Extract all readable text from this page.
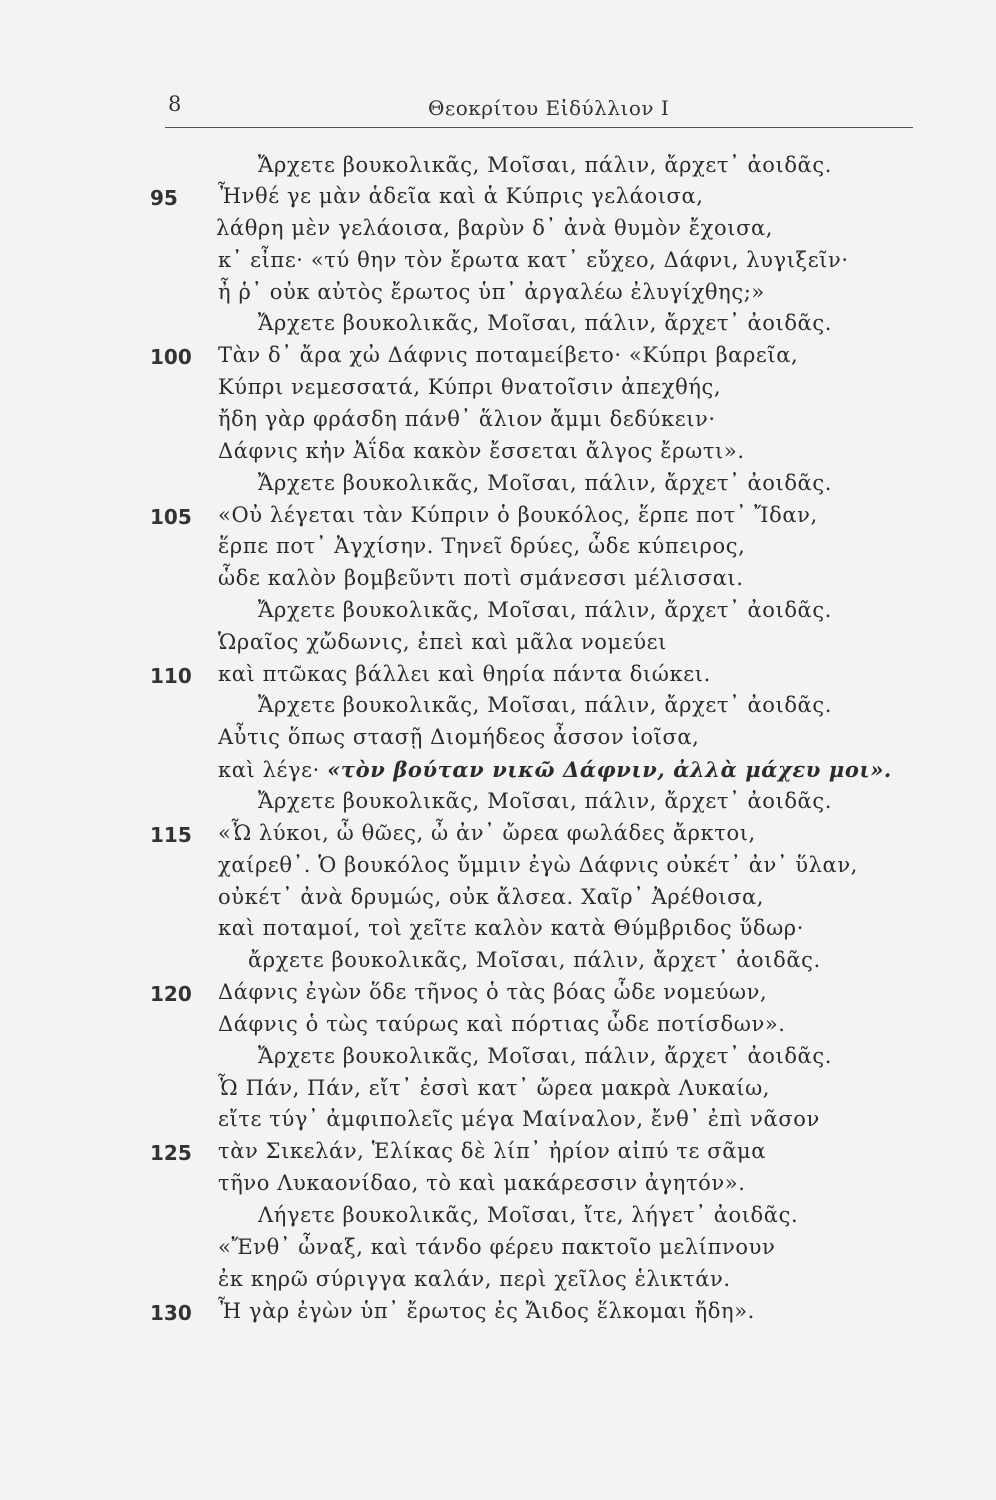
8	Θεοκρίτου Εἰδύλλιον Ι
Ἄρχετε βουκολικᾶς, Μοῖσαι, πάλιν, ἄρχετ᾿ ἀοιδᾶς.
95	Ἦνθέ γε μὰν ἁδεῖα καὶ ἁ Κύπρις γελάοισα,
λάθρη μὲν γελάοισα, βαρὺν δ᾿ ἀνὰ θυμὸν ἔχοισα,
κ᾿ εἶπε· «τύ θην τὸν ἔρωτα κατ᾿ εὔχεο, Δάφνι, λυγιξεῖν·
ἦ ῥ᾿ οὐκ αὐτὸς ἔρωτος ὑπ᾿ ἀργαλέω ἐλυγίχθης;»
Ἄρχετε βουκολικᾶς, Μοῖσαι, πάλιν, ἄρχετ᾿ ἀοιδᾶς.
100	Τὰν δ᾿ ἄρα χὠ Δάφνις ποταμείβετο· «Κύπρι βαρεῖα,
Κύπρι νεμεσσατά, Κύπρι θνατοῖσιν ἀπεχθής,
ἤδη γὰρ φράσδη πάνθ᾿ ἅλιον ἄμμι δεδύκειν·
Δάφνις κἠν Ἀΐδα κακὸν ἔσσεται ἄλγος ἔρωτι».
Ἄρχετε βουκολικᾶς, Μοῖσαι, πάλιν, ἄρχετ᾿ ἀοιδᾶς.
105	«Οὐ λέγεται τὰν Κύπριν ὁ βουκόλος, ἕρπε ποτ᾿ Ἴδαν,
ἕρπε ποτ᾿ Ἀγχίσην. Τηνεῖ δρύες, ὧδε κύπειρος,
ὧδε καλὸν βομβεῦντι ποτὶ σμάνεσσι μέλισσαι.
Ἄρχετε βουκολικᾶς, Μοῖσαι, πάλιν, ἄρχετ᾿ ἀοιδᾶς.
Ὡραῖος χὤδωνις, ἐπεὶ καὶ μᾶλα νομεύει
110	καὶ πτῶκας βάλλει καὶ θηρία πάντα διώκει.
Ἄρχετε βουκολικᾶς, Μοῖσαι, πάλιν, ἄρχετ᾿ ἀοιδᾶς.
Αὖτις ὅπως στασῇ Διομήδεος ἆσσον ἰοῖσα,
καὶ λέγε· «τὸν βούταν νικῶ Δάφνιν, ἀλλὰ μάχευ μοι».
Ἄρχετε βουκολικᾶς, Μοῖσαι, πάλιν, ἄρχετ᾿ ἀοιδᾶς.
115	«Ὦ λύκοι, ὦ θῶες, ὦ ἀν᾿ ὤρεα φωλάδες ἄρκτοι,
χαίρεθ᾿. Ὁ βουκόλος ὔμμιν ἐγὼ Δάφνις οὐκέτ᾿ ἀν᾿ ὕλαν,
οὐκέτ᾿ ἀνὰ δρυμώς, οὐκ ἄλσεα. Χαῖρ᾿ Ἀρέθοισα,
καὶ ποταμοί, τοὶ χεῖτε καλὸν κατὰ Θύμβριδος ὕδωρ·
ἄρχετε βουκολικᾶς, Μοῖσαι, πάλιν, ἄρχετ᾿ ἀοιδᾶς.
120	Δάφνις ἐγὼν ὅδε τῆνος ὁ τὰς βόας ὧδε νομεύων,
Δάφνις ὁ τὼς ταύρως καὶ πόρτιας ὧδε ποτίσδων».
Ἄρχετε βουκολικᾶς, Μοῖσαι, πάλιν, ἄρχετ᾿ ἀοιδᾶς.
Ὦ Πάν, Πάν, εἴτ᾿ ἐσσὶ κατ᾿ ὤρεα μακρὰ Λυκαίω,
εἴτε τύγ᾿ ἀμφιπολεῖς μέγα Μαίναλον, ἔνθ᾿ ἐπὶ νᾶσον
125	τὰν Σικελάν, Ἑλίκας δὲ λίπ᾿ ἠρίον αἰπύ τε σᾶμα
τῆνο Λυκαονίδαο, τὸ καὶ μακάρεσσιν ἀγητόν».
Λήγετε βουκολικᾶς, Μοῖσαι, ἴτε, λήγετ᾿ ἀοιδᾶς.
«Ἔνθ᾿ ὦναξ, καὶ τάνδο φέρευ πακτοῖο μελίπνουν
ἐκ κηρῶ σύριγγα καλάν, περὶ χεῖλος ἑλικτάν.
130	Ἦ γὰρ ἐγὼν ὑπ᾿ ἔρωτος ἐς Ἄιδος ἕλκομαι ἤδη».
